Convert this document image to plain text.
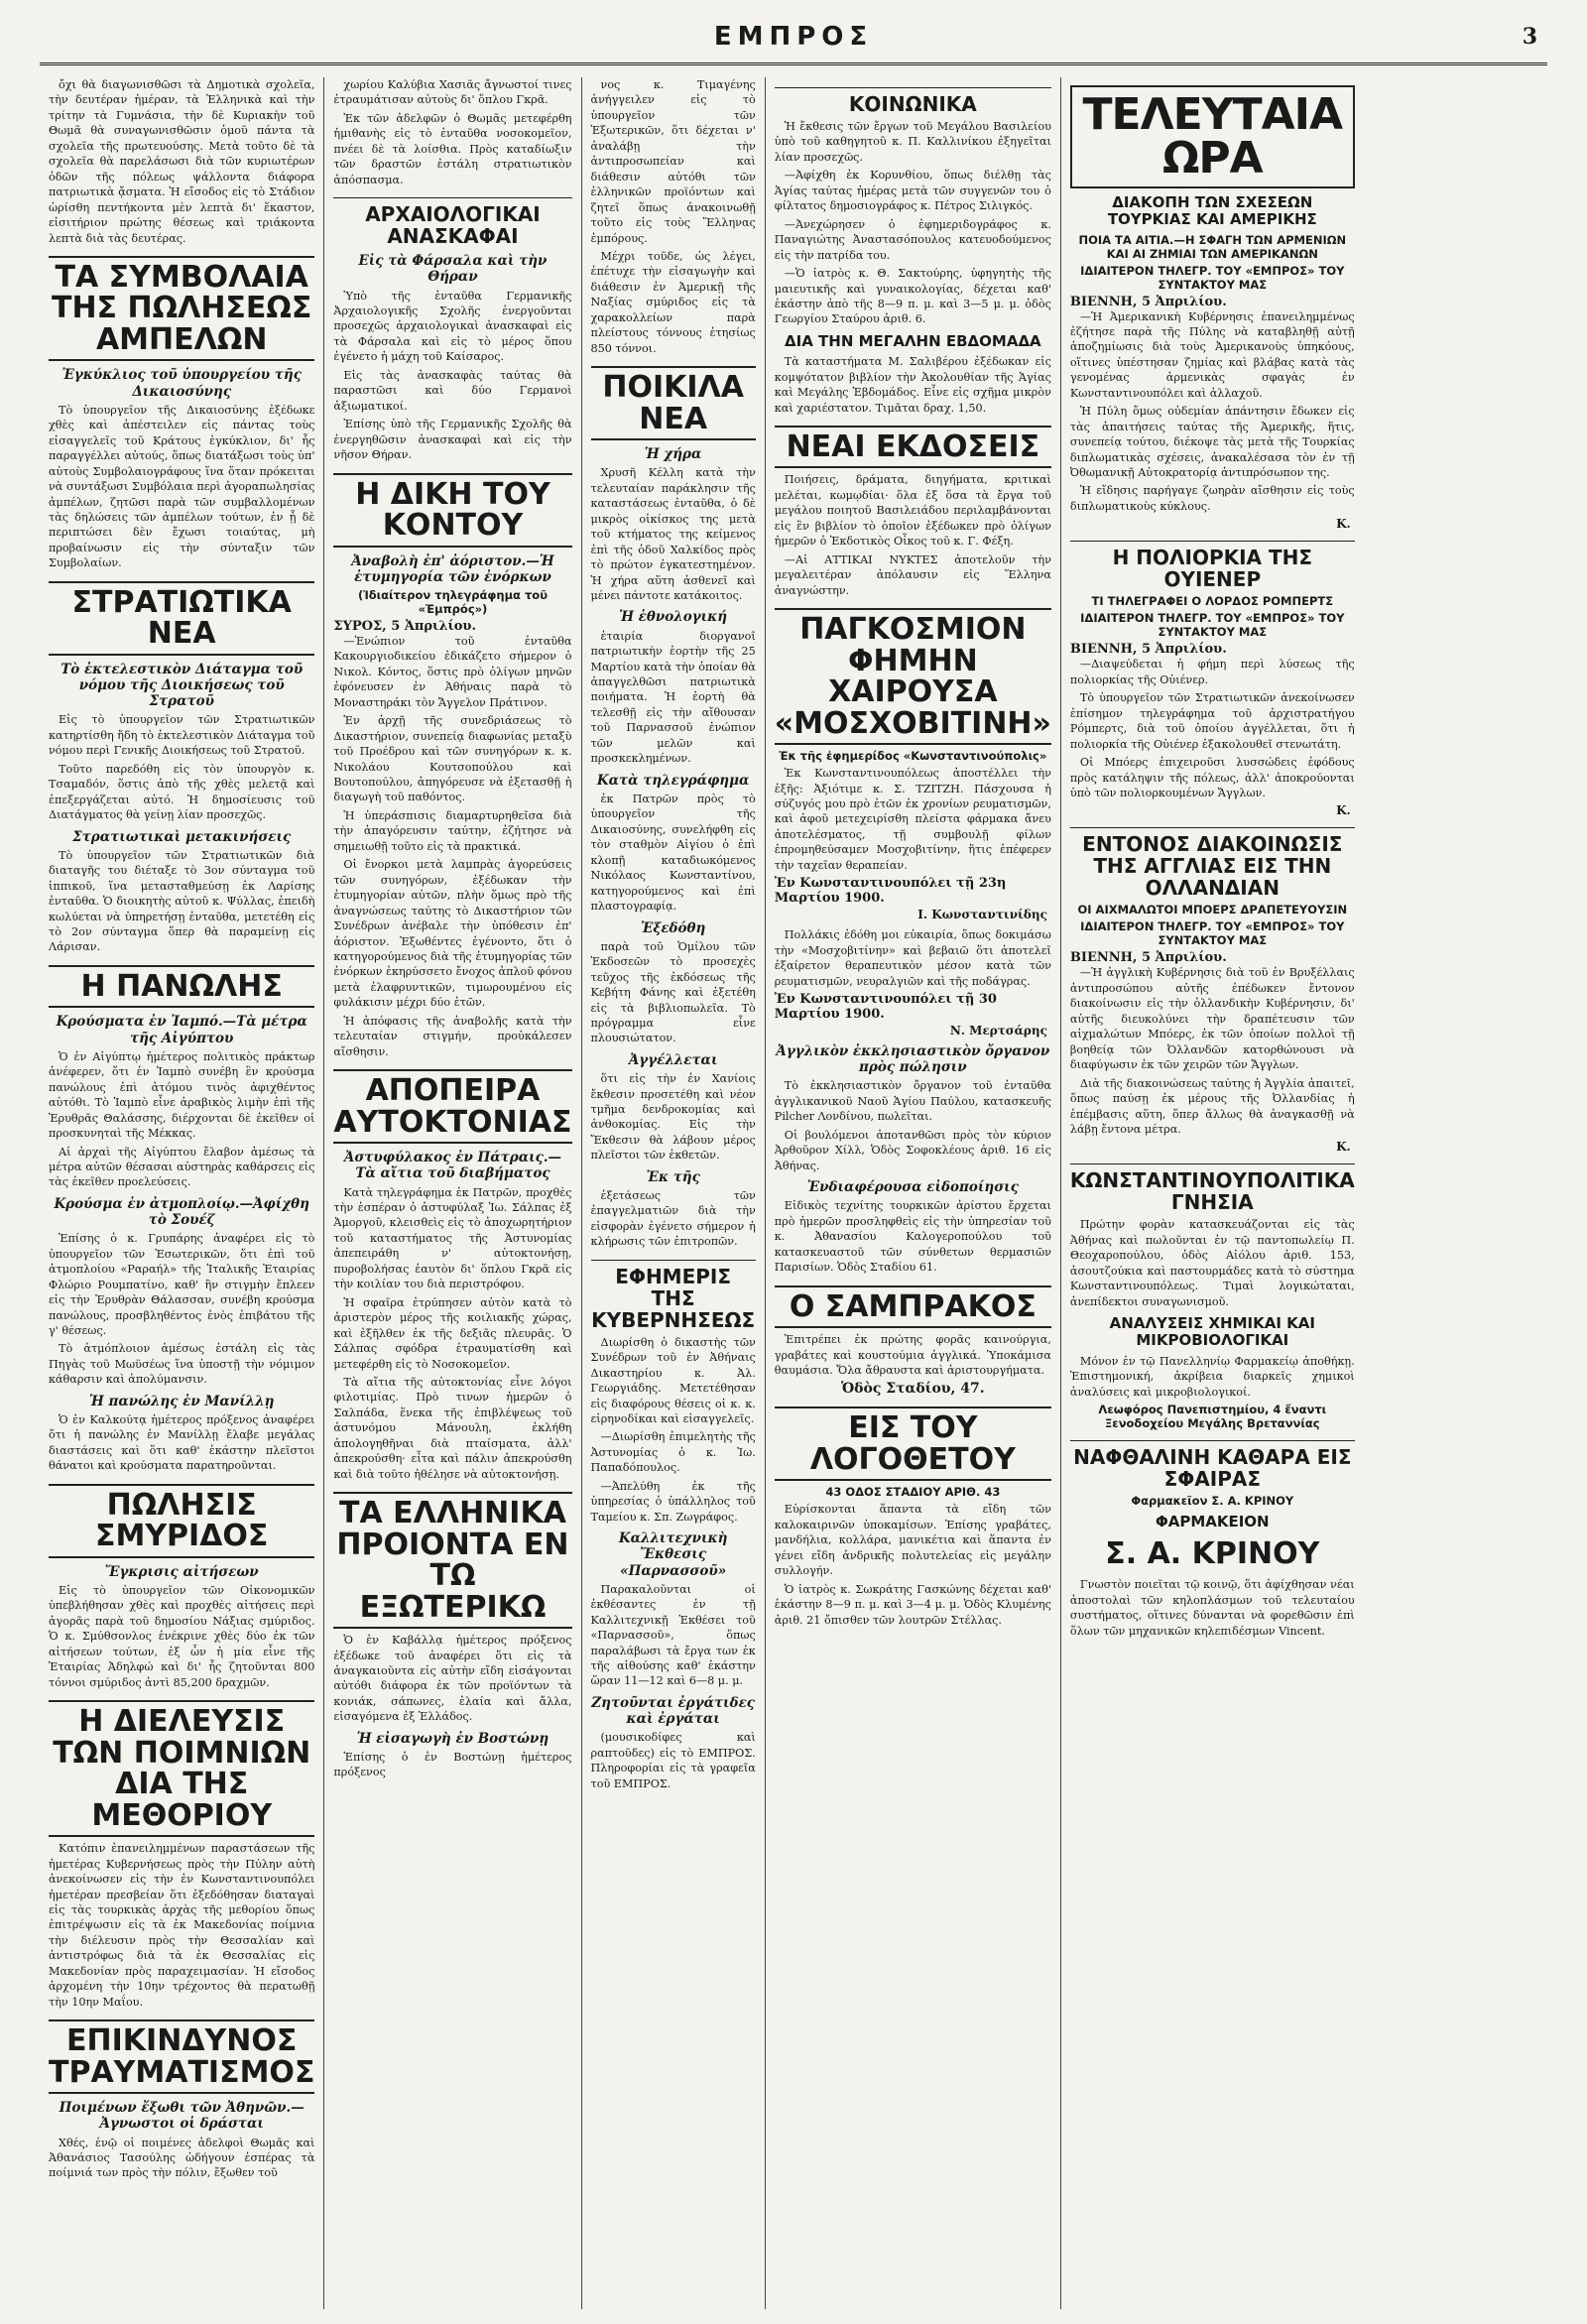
ΕΜΠΡΟΣ	3
ὄχι θὰ διαγωνισθῶσι τὰ Δημοτικὰ σχολεῖα, τὴν δευτέραν ἡμέραν, τὰ Ἑλληνικὰ καὶ τὴν τρίτην τὰ Γυμνάσια, τὴν δὲ Κυριακὴν τοῦ Θωμᾶ θὰ συναγωνισθῶσιν ὁμοῦ πάντα τὰ σχολεῖα τῆς πρωτευούσης. Μετὰ τοῦτο δὲ τὰ σχολεῖα θὰ παρελάσωσι διὰ τῶν κυριωτέρων ὁδῶν τῆς πόλεως ψάλλοντα διάφορα πατριωτικὰ ᾄσματα. Ἡ εἴσοδος εἰς τὸ Στάδιον ὡρίσθη πεντήκοντα μὲν λεπτὰ δι' ἕκαστον, εἰσιτήριον πρώτης θέσεως καὶ τριάκοντα λεπτὰ διὰ τὰς δευτέρας.
ΤΑ ΣΥΜΒΟΛΑΙΑ ΤΗΣ ΠΩΛΗΣΕΩΣ ΑΜΠΕΛΩΝ
Ἐγκύκλιος τοῦ ὑπουργείου τῆς Δικαιοσύνης
Τὸ ὑπουργεῖον τῆς Δικαιοσύνης ἐξέδωκε χθὲς καὶ ἀπέστειλεν εἰς πάντας τοὺς εἰσαγγελεῖς τοῦ Κράτους ἐγκύκλιον, δι' ἧς παραγγέλλει αὐτούς, ὅπως διατάξωσι τοὺς ὑπ' αὐτοὺς Συμβολαιογράφους ἵνα ὅταν πρόκειται νὰ συντάξωσι Συμβόλαια περὶ ἀγοραπωλησίας ἀμπέλων, ζητῶσι παρὰ τῶν συμβαλλομένων τὰς δηλώσεις τῶν ἀμπέλων τούτων, ἐν ᾗ δὲ περιπτώσει δὲν ἔχωσι τοιαύτας, μὴ προβαίνωσιν εἰς τὴν σύνταξιν τῶν Συμβολαίων.
ΣΤΡΑΤΙΩΤΙΚΑ ΝΕΑ
Τὸ ἐκτελεστικὸν Διάταγμα τοῦ νόμου τῆς Διοικήσεως τοῦ Στρατοῦ
Εἰς τὸ ὑπουργεῖον τῶν Στρατιωτικῶν κατηρτίσθη ἤδη τὸ ἐκτελεστικὸν Διάταγμα τοῦ νόμου περὶ Γενικῆς Διοικήσεως τοῦ Στρατοῦ.
Τοῦτο παρεδόθη εἰς τὸν ὑπουργὸν κ. Τσαμαδόν, ὅστις ἀπὸ τῆς χθὲς μελετᾷ καὶ ἐπεξεργάζεται αὐτό. Ἡ δημοσίευσις τοῦ Διατάγματος θὰ γείνῃ λίαν προσεχῶς.
Στρατιωτικαὶ μετακινήσεις
Τὸ ὑπουργεῖον τῶν Στρατιωτικῶν διὰ διαταγῆς του διέταξε τὸ 3ον σύνταγμα τοῦ ἱππικοῦ, ἵνα μετασταθμεύσῃ ἐκ Λαρίσης ἐνταῦθα. Ὁ διοικητὴς αὐτοῦ κ. Ψύλλας, ἐπειδὴ κωλύεται νὰ ὑπηρετήσῃ ἐνταῦθα, μετετέθη εἰς τὸ 2ον σύνταγμα ὅπερ θὰ παραμείνῃ εἰς Λάρισαν.
Η ΠΑΝΩΛΗΣ
Κρούσματα ἐν Ἰαμπό.—Τὰ μέτρα τῆς Αἰγύπτου
Ὁ ἐν Αἰγύπτῳ ἡμέτερος πολιτικὸς πράκτωρ ἀνέφερεν, ὅτι ἐν Ἰαμπὸ συνέβη ἓν κρούσμα πανώλους ἐπὶ ἀτόμου τινὸς ἀφιχθέντος αὐτόθι. Τὸ Ἰαμπὸ εἶνε ἀραβικὸς λιμὴν ἐπὶ τῆς Ἐρυθρᾶς Θαλάσσης, διέρχονται δὲ ἐκεῖθεν οἱ προσκυνηταὶ τῆς Μέκκας.
Αἱ ἀρχαὶ τῆς Αἰγύπτου ἔλαβον ἀμέσως τὰ μέτρα αὐτῶν θέσασαι αὐστηρὰς καθάρσεις εἰς τὰς ἐκεῖθεν προελεύσεις.
Κρούσμα ἐν ἀτμοπλοίῳ.—Ἀφίχθη τὸ Σουέζ
Ἐπίσης ὁ κ. Γρυπάρης ἀναφέρει εἰς τὸ ὑπουργεῖον τῶν Ἐσωτερικῶν, ὅτι ἐπὶ τοῦ ἀτμοπλοίου «Ραραήλ» τῆς Ἰταλικῆς Ἑταιρίας Φλώριο Ρουμπατίνο, καθ' ἣν στιγμὴν ἔπλεεν εἰς τὴν Ἐρυθρὰν Θάλασσαν, συνέβη κρούσμα πανώλους, προσβληθέντος ἑνὸς ἐπιβάτου τῆς γ' θέσεως.
Τὸ ἀτμόπλοιον ἀμέσως ἐστάλη εἰς τὰς Πηγὰς τοῦ Μωϋσέως ἵνα ὑποστῇ τὴν νόμιμον κάθαρσιν καὶ ἀπολύμανσιν.
Ἡ πανώλης ἐν Μανίλλῃ
Ὁ ἐν Καλκούτᾳ ἡμέτερος πρόξενος ἀναφέρει ὅτι ἡ πανώλης ἐν Μανίλλῃ ἔλαβε μεγάλας διαστάσεις καὶ ὅτι καθ' ἑκάστην πλεῖστοι θάνατοι καὶ κρούσματα παρατηροῦνται.
ΠΩΛΗΣΙΣ ΣΜΥΡΙΔΟΣ
Ἔγκρισις αἰτήσεων
Εἰς τὸ ὑπουργεῖον τῶν Οἰκονομικῶν ὑπεβλήθησαν χθὲς καὶ προχθὲς αἰτήσεις περὶ ἀγορᾶς παρὰ τοῦ δημοσίου Νάξιας σμύριδος. Ὁ κ. Σμύθσονλος ἐνέκρινε χθὲς δύο ἐκ τῶν αἰτήσεων τούτων, ἐξ ὧν ἡ μία εἶνε τῆς Ἑταιρίας Ἀδηλφώ καὶ δι' ἧς ζητοῦνται 800 τόννοι σμύριδος ἀντὶ 85,200 δραχμῶν.
Η ΔΙΕΛΕΥΣΙΣ ΤΩΝ ΠΟΙΜΝΙΩΝ ΔΙΑ ΤΗΣ ΜΕΘΟΡΙΟΥ
Κατόπιν ἐπανειλημμένων παραστάσεων τῆς ἡμετέρας Κυβερνήσεως πρὸς τὴν Πύλην αὐτὴ ἀνεκοίνωσεν εἰς τὴν ἐν Κωνσταντινουπόλει ἡμετέραν πρεσβείαν ὅτι ἐξεδόθησαν διαταγαὶ εἰς τὰς τουρκικὰς ἀρχὰς τῆς μεθορίου ὅπως ἐπιτρέψωσιν εἰς τὰ ἐκ Μακεδονίας ποίμνια τὴν διέλευσιν πρὸς τὴν Θεσσαλίαν καὶ ἀντιστρόφως διὰ τὰ ἐκ Θεσσαλίας εἰς Μακεδονίαν πρὸς παραχειμασίαν. Ἡ εἴσοδος ἀρχομένη τὴν 10ην τρέχοντος θὰ περατωθῇ τὴν 10ην Μαΐου.
ΕΠΙΚΙΝΔΥΝΟΣ ΤΡΑΥΜΑΤΙΣΜΟΣ
Ποιμένων ἔξωθι τῶν Ἀθηνῶν.— Ἀγνωστοι οἱ δράσται
Χθές, ἐνῷ οἱ ποιμένες ἀδελφοὶ Θωμᾶς καὶ Ἀθανάσιος Τασούλης ὡδήγουν ἐσπέρας τὰ ποίμνιά των πρὸς τὴν πόλιν, ἔξωθεν τοῦ
χωρίου Καλύβια Χασιᾶς ἄγνωστοί τινες ἐτραυμάτισαν αὐτοὺς δι' ὅπλου Γκρᾶ.
Ἐκ τῶν ἀδελφῶν ὁ Θωμᾶς μετεφέρθη ἡμιθανὴς εἰς τὸ ἐνταῦθα νοσοκομεῖον, πνέει δὲ τὰ λοίσθια. Πρὸς καταδίωξιν τῶν δραστῶν ἐστάλη στρατιωτικὸν ἀπόσπασμα.
ΑΡΧΑΙΟΛΟΓΙΚΑΙ ΑΝΑΣΚΑΦΑΙ
Εἰς τὰ Φάρσαλα καὶ τὴν Θήραν
Ὑπὸ τῆς ἐνταῦθα Γερμανικῆς Ἀρχαιολογικῆς Σχολῆς ἐνεργοῦνται προσεχῶς ἀρχαιολογικαὶ ἀνασκαφαὶ εἰς τὰ Φάρσαλα καὶ εἰς τὸ μέρος ὅπου ἐγένετο ἡ μάχη τοῦ Καίσαρος.
Εἰς τὰς ἀνασκαφὰς ταύτας θὰ παραστῶσι καὶ δύο Γερμανοὶ ἀξιωματικοί.
Ἐπίσης ὑπὸ τῆς Γερμανικῆς Σχολῆς θὰ ἐνεργηθῶσιν ἀνασκαφαὶ καὶ εἰς τὴν νῆσον Θήραν.
Η ΔΙΚΗ ΤΟΥ ΚΟΝΤΟΥ
Ἀναβολὴ ἐπ' ἀόριστον.—Ἡ ἐτυμηγορία τῶν ἐνόρκων
(Ἰδιαίτερον τηλεγράφημα τοῦ «Ἐμπρός»)
ΣΥΡΟΣ, 5 Ἀπριλίου.
—Ἐνώπιον τοῦ ἐνταῦθα Κακουργιοδικείου ἐδικάζετο σήμερον ὁ Νικολ. Κόντος, ὅστις πρὸ ὀλίγων μηνῶν ἐφόνευσεν ἐν Ἀθήναις παρὰ τὸ Μοναστηράκι τὸν Ἄγγελον Πράτινον.
Ἐν ἀρχῇ τῆς συνεδριάσεως τὸ Δικαστήριον, συνεπείᾳ διαφωνίας μεταξὺ τοῦ Προέδρου καὶ τῶν συνηγόρων κ. κ. Νικολάου Κουτσοπούλου καὶ Βουτοπούλου, ἀπηγόρευσε νὰ ἐξετασθῇ ἡ διαγωγὴ τοῦ παθόντος.
Ἡ ὑπεράσπισις διαμαρτυρηθεῖσα διὰ τὴν ἀπαγόρευσιν ταύτην, ἐζήτησε νὰ σημειωθῇ τοῦτο εἰς τὰ πρακτικά.
Οἱ ἔνορκοι μετὰ λαμπρὰς ἀγορεύσεις τῶν συνηγόρων, ἐξέδωκαν τὴν ἐτυμηγορίαν αὐτῶν, πλὴν ὅμως πρὸ τῆς ἀναγνώσεως ταύτης τὸ Δικαστήριον τῶν Συνέδρων ἀνέβαλε τὴν ὑπόθεσιν ἐπ' ἀόριστον. Ἐξωθέντες ἐγένοντο, ὅτι ὁ κατηγορούμενος διὰ τῆς ἐτυμηγορίας τῶν ἐνόρκων ἐκηρύσσετο ἔνοχος ἀπλοῦ φόνου μετὰ ἐλαφρυντικῶν, τιμωρουμένου εἰς φυλάκισιν μέχρι δύο ἐτῶν.
Ἡ ἀπόφασις τῆς ἀναβολῆς κατὰ τὴν τελευταίαν στιγμήν, προὐκάλεσεν αἴσθησιν.
ΑΠΟΠΕΙΡΑ ΑΥΤΟΚΤΟΝΙΑΣ
Ἀστυφύλακος ἐν Πάτραις.— Τὰ αἴτια τοῦ διαβήματος
Κατὰ τηλεγράφημα ἐκ Πατρῶν, προχθὲς τὴν ἑσπέραν ὁ ἀστυφύλαξ Ἰω. Σάλπας ἐξ Ἀμοργοῦ, κλεισθεὶς εἰς τὸ ἀποχωρητήριον τοῦ καταστήματος τῆς Ἀστυνομίας ἀπεπειράθη ν' αὐτοκτονήσῃ, πυροβολήσας ἑαυτὸν δι' ὅπλου Γκρᾶ εἰς τὴν κοιλίαν του διὰ περιστρόφου.
Ἡ σφαῖρα ἐτρύπησεν αὐτὸν κατὰ τὸ ἀριστερὸν μέρος τῆς κοιλιακῆς χώρας, καὶ ἐξῆλθεν ἐκ τῆς δεξιᾶς πλευρᾶς. Ὁ Σάλπας σφόδρα ἐτραυματίσθη καὶ μετεφέρθη εἰς τὸ Νοσοκομεῖον.
Τὰ αἴτια τῆς αὐτοκτονίας εἶνε λόγοι φιλοτιμίας. Πρὸ τινων ἡμερῶν ὁ Σαλπάδα, ἕνεκα τῆς ἐπιβλέψεως τοῦ ἀστυνόμου Μάνουλη, ἐκλήθη ἀπολογηθῆναι διὰ πταίσματα, ἀλλ' ἀπεκρούσθη· εἶτα καὶ πάλιν ἀπεκρούσθη καὶ διὰ τοῦτο ἠθέλησε νὰ αὐτοκτονήσῃ.
ΤΑ ΕΛΛΗΝΙΚΑ ΠΡΟΙΟΝΤΑ ΕΝ ΤΩ ΕΞΩΤΕΡΙΚΩ
Ὁ ἐν Καβάλλᾳ ἡμέτερος πρόξενος ἐξέδωκε τοῦ ἀναφέρει ὅτι εἰς τὰ ἀναγκαιοῦντα εἰς αὐτὴν εἴδη εἰσάγονται αὐτόθι διάφορα ἐκ τῶν προϊόντων τὰ κονιάκ, σάπωνες, ἐλαία καὶ ἄλλα, εἰσαγόμενα ἐξ Ἑλλάδος.
Ἡ εἰσαγωγὴ ἐν Βοστώνῃ
Ἐπίσης ὁ ἐν Βοστώνῃ ἡμέτερος πρόξενος
νος κ. Τιμαγένης ἀνήγγειλεν εἰς τὸ ὑπουργεῖον τῶν Ἐξωτερικῶν, ὅτι δέχεται ν' ἀναλάβῃ τὴν ἀντιπροσωπείαν καὶ διάθεσιν αὐτόθι τῶν ἑλληνικῶν προϊόντων καὶ ζητεῖ ὅπως ἀνακοινωθῇ τοῦτο εἰς τοὺς Ἕλληνας ἐμπόρους.
Μέχρι τοῦδε, ὡς λέγει, ἐπέτυχε τὴν εἰσαγωγὴν καὶ διάθεσιν ἐν Ἀμερικῇ τῆς Ναξίας σμύριδος εἰς τὰ χαρακολλείων παρὰ πλείστους τόννους ἐτησίως 850 τόννοι.
ΠΟΙΚΙΛΑ ΝΕΑ
Ἡ χήρα
Χρυσῆ Κέλλη κατὰ τὴν τελευταίαν παράκλησιν τῆς καταστάσεως ἐνταῦθα, ὁ δὲ μικρὸς οἰκίσκος της μετὰ τοῦ κτήματος της κείμενος ἐπὶ τῆς ὁδοῦ Χαλκίδος πρὸς τὸ πρώτον ἐγκατεστημένον. Ἡ χήρα αὕτη ἀσθενεῖ καὶ μένει πάντοτε κατάκοιτος.
Ἡ ἐθνολογική
ἑταιρία διοργανοῖ πατριωτικὴν ἑορτὴν τῆς 25 Μαρτίου κατὰ τὴν ὁποίαν θὰ ἀπαγγελθῶσι πατριωτικὰ ποιήματα. Ἡ ἑορτὴ θὰ τελεσθῇ εἰς τὴν αἴθουσαν τοῦ Παρνασσοῦ ἐνώπιον τῶν μελῶν καὶ προσκεκλημένων.
Κατὰ τηλεγράφημα
ἐκ Πατρῶν πρὸς τὸ ὑπουργεῖον τῆς Δικαιοσύνης, συνελήφθη εἰς τὸν σταθμὸν Αἰγίου ὁ ἐπὶ κλοπῇ καταδιωκόμενος Νικόλαος Κωνσταντίνου, κατηγορούμενος καὶ ἐπὶ πλαστογραφίᾳ.
Ἐξεδόθη
παρὰ τοῦ Ὁμίλου τῶν Ἐκδοσεῶν τὸ προσεχὲς τεῦχος τῆς ἐκδόσεως τῆς Κεβήτη Φάνης καὶ ἐξετέθη εἰς τὰ βιβλιοπωλεῖα. Τὸ πρόγραμμα εἶνε πλουσιώτατον.
Ἀγγέλλεται
ὅτι εἰς τὴν ἐν Χανίοις ἔκθεσιν προσετέθη καὶ νέον τμῆμα δενδροκομίας καὶ ἀνθοκομίας. Εἰς τὴν Ἔκθεσιν θὰ λάβουν μέρος πλεῖστοι τῶν ἐκθετῶν.
Ἐκ τῆς
ἐξετάσεως τῶν ἐπαγγελματιῶν διὰ τὴν εἰσφορὰν ἐγένετο σήμερον ἡ κλήρωσις τῶν ἐπιτροπῶν.
ΕΦΗΜΕΡΙΣ ΤΗΣ ΚΥΒΕΡΝΗΣΕΩΣ
Διωρίσθη ὁ δικαστὴς τῶν Συνέδρων τοῦ ἐν Ἀθήναις Δικαστηρίου κ. Ἀλ. Γεωργιάδης. Μετετέθησαν εἰς διαφόρους θέσεις οἱ κ. κ. εἰρηνοδίκαι καὶ εἰσαγγελεῖς.
—Διωρίσθη ἐπιμελητὴς τῆς Ἀστυνομίας ὁ κ. Ἰω. Παπαδόπουλος.
—Ἀπελύθη ἐκ τῆς ὑπηρεσίας ὁ ὑπάλληλος τοῦ Ταμείου κ. Σπ. Ζωγράφος.
Καλλιτεχνικὴ Ἔκθεσις «Παρνασσοῦ»
Παρακαλοῦνται οἱ ἐκθέσαντες ἐν τῇ Καλλιτεχνικῇ Ἐκθέσει τοῦ «Παρνασσοῦ», ὅπως παραλάβωσι τὰ ἔργα των ἐκ τῆς αἰθούσης καθ' ἑκάστην ὥραν 11—12 καὶ 6—8 μ. μ.
Ζητοῦνται ἐργάτιδες καὶ ἐργάται
(μουσικοδίφες καὶ ραπτοῦδες) εἰς τὸ ΕΜΠΡΟΣ. Πληροφορίαι εἰς τὰ γραφεῖα τοῦ ΕΜΠΡΟΣ.
ΚΟΙΝΩΝΙΚΑ
Ἡ ἔκθεσις τῶν ἔργων τοῦ Μεγάλου Βασιλείου ὑπὸ τοῦ καθηγητοῦ κ. Π. Καλλινίκου ἐξηγεῖται λίαν προσεχῶς.
—Ἀφίχθη ἐκ Κορυνθίου, ὅπως διέλθῃ τὰς Ἁγίας ταύτας ἡμέρας μετὰ τῶν συγγενῶν του ὁ φίλτατος δημοσιογράφος κ. Πέτρος Σιλιγκός.
—Ἀνεχώρησεν ὁ ἐφημεριδογράφος κ. Παναγιώτης Ἀναστασόπουλος κατευοδούμενος εἰς τὴν πατρίδα του.
—Ὁ ἰατρὸς κ. Θ. Σακτούρης, ὑφηγητὴς τῆς μαιευτικῆς καὶ γυναικολογίας, δέχεται καθ' ἑκάστην ἀπὸ τῆς 8—9 π. μ. καὶ 3—5 μ. μ. ὁδὸς Γεωργίου Σταύρου ἀριθ. 6.
ΔΙΑ ΤΗΝ ΜΕΓΑΛΗΝ ΕΒΔΟΜΑΔΑ
Τὰ καταστήματα Μ. Σαλιβέρου ἐξέδωκαν εἰς κομψότατον βιβλίον τὴν Ἀκολουθίαν τῆς Ἁγίας καὶ Μεγάλης Ἑβδομάδος. Εἶνε εἰς σχῆμα μικρὸν καὶ χαριέστατον. Τιμᾶται δραχ. 1,50.
ΝΕΑΙ ΕΚΔΟΣΕΙΣ
Ποιήσεις, δράματα, διηγήματα, κριτικαὶ μελέται, κωμῳδίαι· ὅλα ἐξ ὅσα τὰ ἔργα τοῦ μεγάλου ποιητοῦ Βασιλειάδου περιλαμβάνονται εἰς ἓν βιβλίον τὸ ὁποῖον ἐξέδωκεν πρὸ ὀλίγων ἡμερῶν ὁ Ἐκδοτικὸς Οἶκος τοῦ κ. Γ. Φέξη.
—Αἱ ΑΤΤΙΚΑΙ ΝΥΚΤΕΣ ἀποτελοῦν τὴν μεγαλειτέραν ἀπόλαυσιν εἰς Ἕλληνα ἀναγνώστην.
ΠΑΓΚΟΣΜΙΟΝ ΦΗΜΗΝ ΧΑΙΡΟΥΣΑ «ΜΟΣΧΟΒΙΤΙΝΗ»
Ἐκ τῆς ἐφημερίδος «Κωνσταντινούπολις»
Ἐκ Κωνσταντινουπόλεως ἀποστέλλει τὴν ἑξῆς: Ἀξιότιμε κ. Σ. ΤΖΙΤΖΗ. Πάσχουσα ἡ σύζυγός μου πρὸ ἐτῶν ἐκ χρονίων ρευματισμῶν, καὶ ἀφοῦ μετεχειρίσθη πλείστα φάρμακα ἄνευ ἀποτελέσματος, τῇ συμβουλῇ φίλων ἐπρομηθεύσαμεν Μοσχοβιτίνην, ἥτις ἐπέφερεν τὴν ταχεῖαν θεραπείαν.
Ἐν Κωνσταντινουπόλει τῇ 23η Μαρτίου 1900.
Ι. Κωνσταντινίδης
Πολλάκις ἐδόθη μοι εὐκαιρία, ὅπως δοκιμάσω τὴν «Μοσχοβιτίνην» καὶ βεβαιῶ ὅτι ἀποτελεῖ ἐξαίρετον θεραπευτικὸν μέσον κατὰ τῶν ρευματισμῶν, νευραλγιῶν καὶ τῆς ποδάγρας.
Ἐν Κωνσταντινουπόλει τῇ 30 Μαρτίου 1900.
Ν. Μερτσάρης
Ἀγγλικὸν ἐκκλησιαστικὸν ὄργανον πρὸς πώλησιν
Τὸ ἐκκλησιαστικὸν ὄργανον τοῦ ἐνταῦθα ἀγγλικανικοῦ Ναοῦ Ἁγίου Παύλου, κατασκευῆς Pilcher Λονδίνου, πωλεῖται.
Οἱ βουλόμενοι ἀποτανθῶσι πρὸς τὸν κύριον Ἀρθοῦρον Χίλλ, Ὁδὸς Σοφοκλέους ἀριθ. 16 εἰς Ἀθήνας.
Ἐνδιαφέρουσα εἰδοποίησις
Εἰδικὸς τεχνίτης τουρκικῶν ἀρίστου ἔρχεται πρὸ ἡμερῶν προσληφθεὶς εἰς τὴν ὑπηρεσίαν τοῦ κ. Ἀθανασίου Καλογεροπούλου τοῦ κατασκευαστοῦ τῶν σύνθετων θερμασιῶν Παρισίων. Ὁδὸς Σταδίου 61.
Ο ΣΑΜΠΡΑΚΟΣ
Ἐπιτρέπει ἐκ πρώτης φορᾶς καινούργια, γραβάτες καὶ κουστούμια ἀγγλικά. Ὑποκάμισα θαυμάσια. Ὅλα ἄθραυστα καὶ ἀριστουργήματα.
Ὁδὸς Σταδίου, 47.
ΕΙΣ ΤΟΥ ΛΟΓΟΘΕΤΟΥ
43 ΟΔΟΣ ΣΤΑΔΙΟΥ ΑΡΙΘ. 43
Εὑρίσκονται ἅπαντα τὰ εἴδη τῶν καλοκαιρινῶν ὑποκαμίσων. Ἐπίσης γραβάτες, μανδήλια, κολλάρα, μανικέτια καὶ ἅπαντα ἐν γένει εἴδη ἀνδρικῆς πολυτελείας εἰς μεγάλην συλλογήν.
Ὁ ἰατρὸς κ. Σωκράτης Γασκώνης δέχεται καθ' ἑκάστην 8—9 π. μ. καὶ 3—4 μ. μ. Ὁδὸς Κλυμένης ἀριθ. 21 ὄπισθεν τῶν λουτρῶν Στέλλας.
ΤΕΛΕΥΤΑΙΑ ΩΡΑ
ΔΙΑΚΟΠΗ ΤΩΝ ΣΧΕΣΕΩΝ ΤΟΥΡΚΙΑΣ ΚΑΙ ΑΜΕΡΙΚΗΣ
ΠΟΙΑ ΤΑ ΑΙΤΙΑ.—Η ΣΦΑΓΗ ΤΩΝ ΑΡΜΕΝΙΩΝ ΚΑΙ ΑΙ ΖΗΜΙΑΙ ΤΩΝ ΑΜΕΡΙΚΑΝΩΝ
ΙΔΙΑΙΤΕΡΟΝ ΤΗΛΕΓΡ. ΤΟΥ «ΕΜΠΡΟΣ» ΤΟΥ ΣΥΝΤΑΚΤΟΥ ΜΑΣ
ΒΙΕΝΝΗ, 5 Ἀπριλίου.
—Ἡ Ἀμερικανικὴ Κυβέρνησις ἐπανειλημμένως ἐζήτησε παρὰ τῆς Πύλης νὰ καταβληθῇ αὐτῇ ἀποζημίωσις διὰ τοὺς Ἀμερικανοὺς ὑπηκόους, οἵτινες ὑπέστησαν ζημίας καὶ βλάβας κατὰ τὰς γενομένας ἀρμενικὰς σφαγὰς ἐν Κωνσταντινουπόλει καὶ ἀλλαχοῦ.
Ἡ Πύλη ὅμως οὐδεμίαν ἀπάντησιν ἔδωκεν εἰς τὰς ἀπαιτήσεις ταύτας τῆς Ἀμερικῆς, ἥτις, συνεπείᾳ τούτου, διέκοψε τὰς μετὰ τῆς Τουρκίας διπλωματικὰς σχέσεις, ἀνακαλέσασα τὸν ἐν τῇ Ὀθωμανικῇ Αὐτοκρατορίᾳ ἀντιπρόσωπον της.
Ἡ εἴδησις παρήγαγε ζωηρὰν αἴσθησιν εἰς τοὺς διπλωματικοὺς κύκλους.
Κ.
Η ΠΟΛΙΟΡΚΙΑ ΤΗΣ ΟΥΙΕΝΕΡ
ΤΙ ΤΗΛΕΓΡΑΦΕΙ Ο ΛΟΡΔΟΣ ΡΟΜΠΕΡΤΣ
ΙΔΙΑΙΤΕΡΟΝ ΤΗΛΕΓΡ. ΤΟΥ «ΕΜΠΡΟΣ» ΤΟΥ ΣΥΝΤΑΚΤΟΥ ΜΑΣ
ΒΙΕΝΝΗ, 5 Ἀπριλίου.
—Διαψεύδεται ἡ φήμη περὶ λύσεως τῆς πολιορκίας τῆς Οὐιένερ.
Τὸ ὑπουργεῖον τῶν Στρατιωτικῶν ἀνεκοίνωσεν ἐπίσημον τηλεγράφημα τοῦ ἀρχιστρατήγου Ρόμπερτς, διὰ τοῦ ὁποίου ἀγγέλλεται, ὅτι ἡ πολιορκία τῆς Οὐιένερ ἐξακολουθεῖ στενωτάτη.
Οἱ Μπόερς ἐπιχειροῦσι λυσσώδεις ἐφόδους πρὸς κατάληψιν τῆς πόλεως, ἀλλ' ἀποκρούονται ὑπὸ τῶν πολιορκουμένων Ἄγγλων.
Κ.
ΕΝΤΟΝΟΣ ΔΙΑΚΟΙΝΩΣΙΣ ΤΗΣ ΑΓΓΛΙΑΣ ΕΙΣ ΤΗΝ ΟΛΛΑΝΔΙΑΝ
ΟΙ ΑΙΧΜΑΛΩΤΟΙ ΜΠΟΕΡΣ ΔΡΑΠΕΤΕΥΟΥΣΙΝ
ΙΔΙΑΙΤΕΡΟΝ ΤΗΛΕΓΡ. ΤΟΥ «ΕΜΠΡΟΣ» ΤΟΥ ΣΥΝΤΑΚΤΟΥ ΜΑΣ
ΒΙΕΝΝΗ, 5 Ἀπριλίου.
—Ἡ ἀγγλικὴ Κυβέρνησις διὰ τοῦ ἐν Βρυξέλλαις ἀντιπροσώπου αὐτῆς ἐπέδωκεν ἔντονον διακοίνωσιν εἰς τὴν ὀλλανδικὴν Κυβέρνησιν, δι' αὐτῆς διευκολύνει τὴν δραπέτευσιν τῶν αἰχμαλώτων Μπόερς, ἐκ τῶν ὁποίων πολλοὶ τῇ βοηθείᾳ τῶν Ὀλλανδῶν κατορθώνουσι νὰ διαφύγωσιν ἐκ τῶν χειρῶν τῶν Ἄγγλων.
Διὰ τῆς διακοινώσεως ταύτης ἡ Ἀγγλία ἀπαιτεῖ, ὅπως παύσῃ ἐκ μέρους τῆς Ὀλλανδίας ἡ ἐπέμβασις αὕτη, ὅπερ ἄλλως θὰ ἀναγκασθῇ νὰ λάβῃ ἔντονα μέτρα.
Κ.
ΚΩΝΣΤΑΝΤΙΝΟΥΠΟΛΙΤΙΚΑ ΓΝΗΣΙΑ
Πρώτην φορὰν κατασκευάζονται εἰς τὰς Ἀθήνας καὶ πωλοῦνται ἐν τῷ παντοπωλείῳ Π. Θεοχαροπούλου, ὁδὸς Αἰόλου ἀριθ. 153, ἀσουτζούκια καὶ παστουρμάδες κατὰ τὸ σύστημα Κωνσταντινουπόλεως. Τιμαὶ λογικώταται, ἀνεπίδεκτοι συναγωνισμοῦ.
ΑΝΑΛΥΣΕΙΣ ΧΗΜΙΚΑΙ ΚΑΙ ΜΙΚΡΟΒΙΟΛΟΓΙΚΑΙ
Μόνον ἐν τῷ Πανελληνίῳ Φαρμακείῳ ἀποθήκῃ. Ἐπιστημονική, ἀκρίβεια διαρκεῖς χημικοὶ ἀναλύσεις καὶ μικροβιολογικοί.
Λεωφόρος Πανεπιστημίου, 4 ἔναντι Ξενοδοχείου Μεγάλης Βρεταννίας
ΝΑΦΘΑΛΙΝΗ ΚΑΘΑΡΑ ΕΙΣ ΣΦΑΙΡΑΣ
Φαρμακεῖον Σ. Α. ΚΡΙΝΟΥ
ΦΑΡΜΑΚΕΙΟΝ
Σ. Α. ΚΡΙΝΟΥ
Γνωστὸν ποιεῖται τῷ κοινῷ, ὅτι ἀφίχθησαν νέαι ἀποστολαὶ τῶν κηλοπλάσμων τοῦ τελευταίου συστήματος, οἵτινες δύνανται νὰ φορεθῶσιν ἐπὶ ὅλων τῶν μηχανικῶν κηλεπιδέσμων Vincent.
